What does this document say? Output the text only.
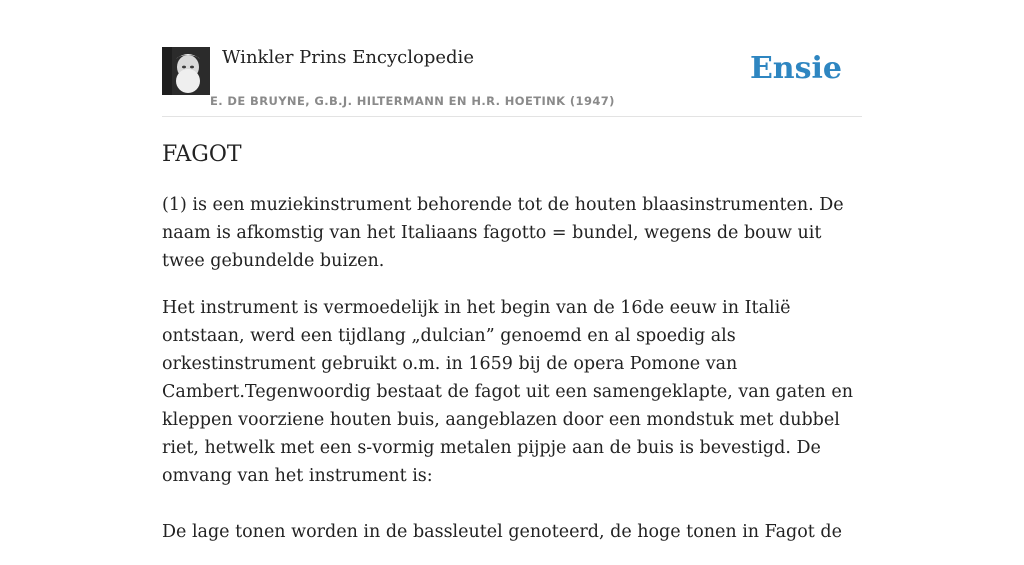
Winkler Prins Encyclopedie
E. DE BRUYNE, G.B.J. HILTERMANN EN H.R. HOETINK (1947)
Ensie
FAGOT

(1) is een muziekinstrument behorende tot de houten blaasinstrumenten. De naam is afkomstig van het Italiaans fagotto = bundel, wegens de bouw uit twee gebundelde buizen.

Het instrument is vermoedelijk in het begin van de 16de eeuw in Italië ontstaan, werd een tijdlang „dulcian” genoemd en al spoedig als orkestinstrument gebruikt o.m. in 1659 bij de opera Pomone van Cambert.Tegenwoordig bestaat de fagot uit een samengeklapte, van gaten en kleppen voorziene houten buis, aangeblazen door een mondstuk met dubbel riet, hetwelk met een s-vormig metalen pijpje aan de buis is bevestigd. De omvang van het instrument is:

De lage tonen worden in de bassleutel genoteerd, de hoge tonen in Fagot de
